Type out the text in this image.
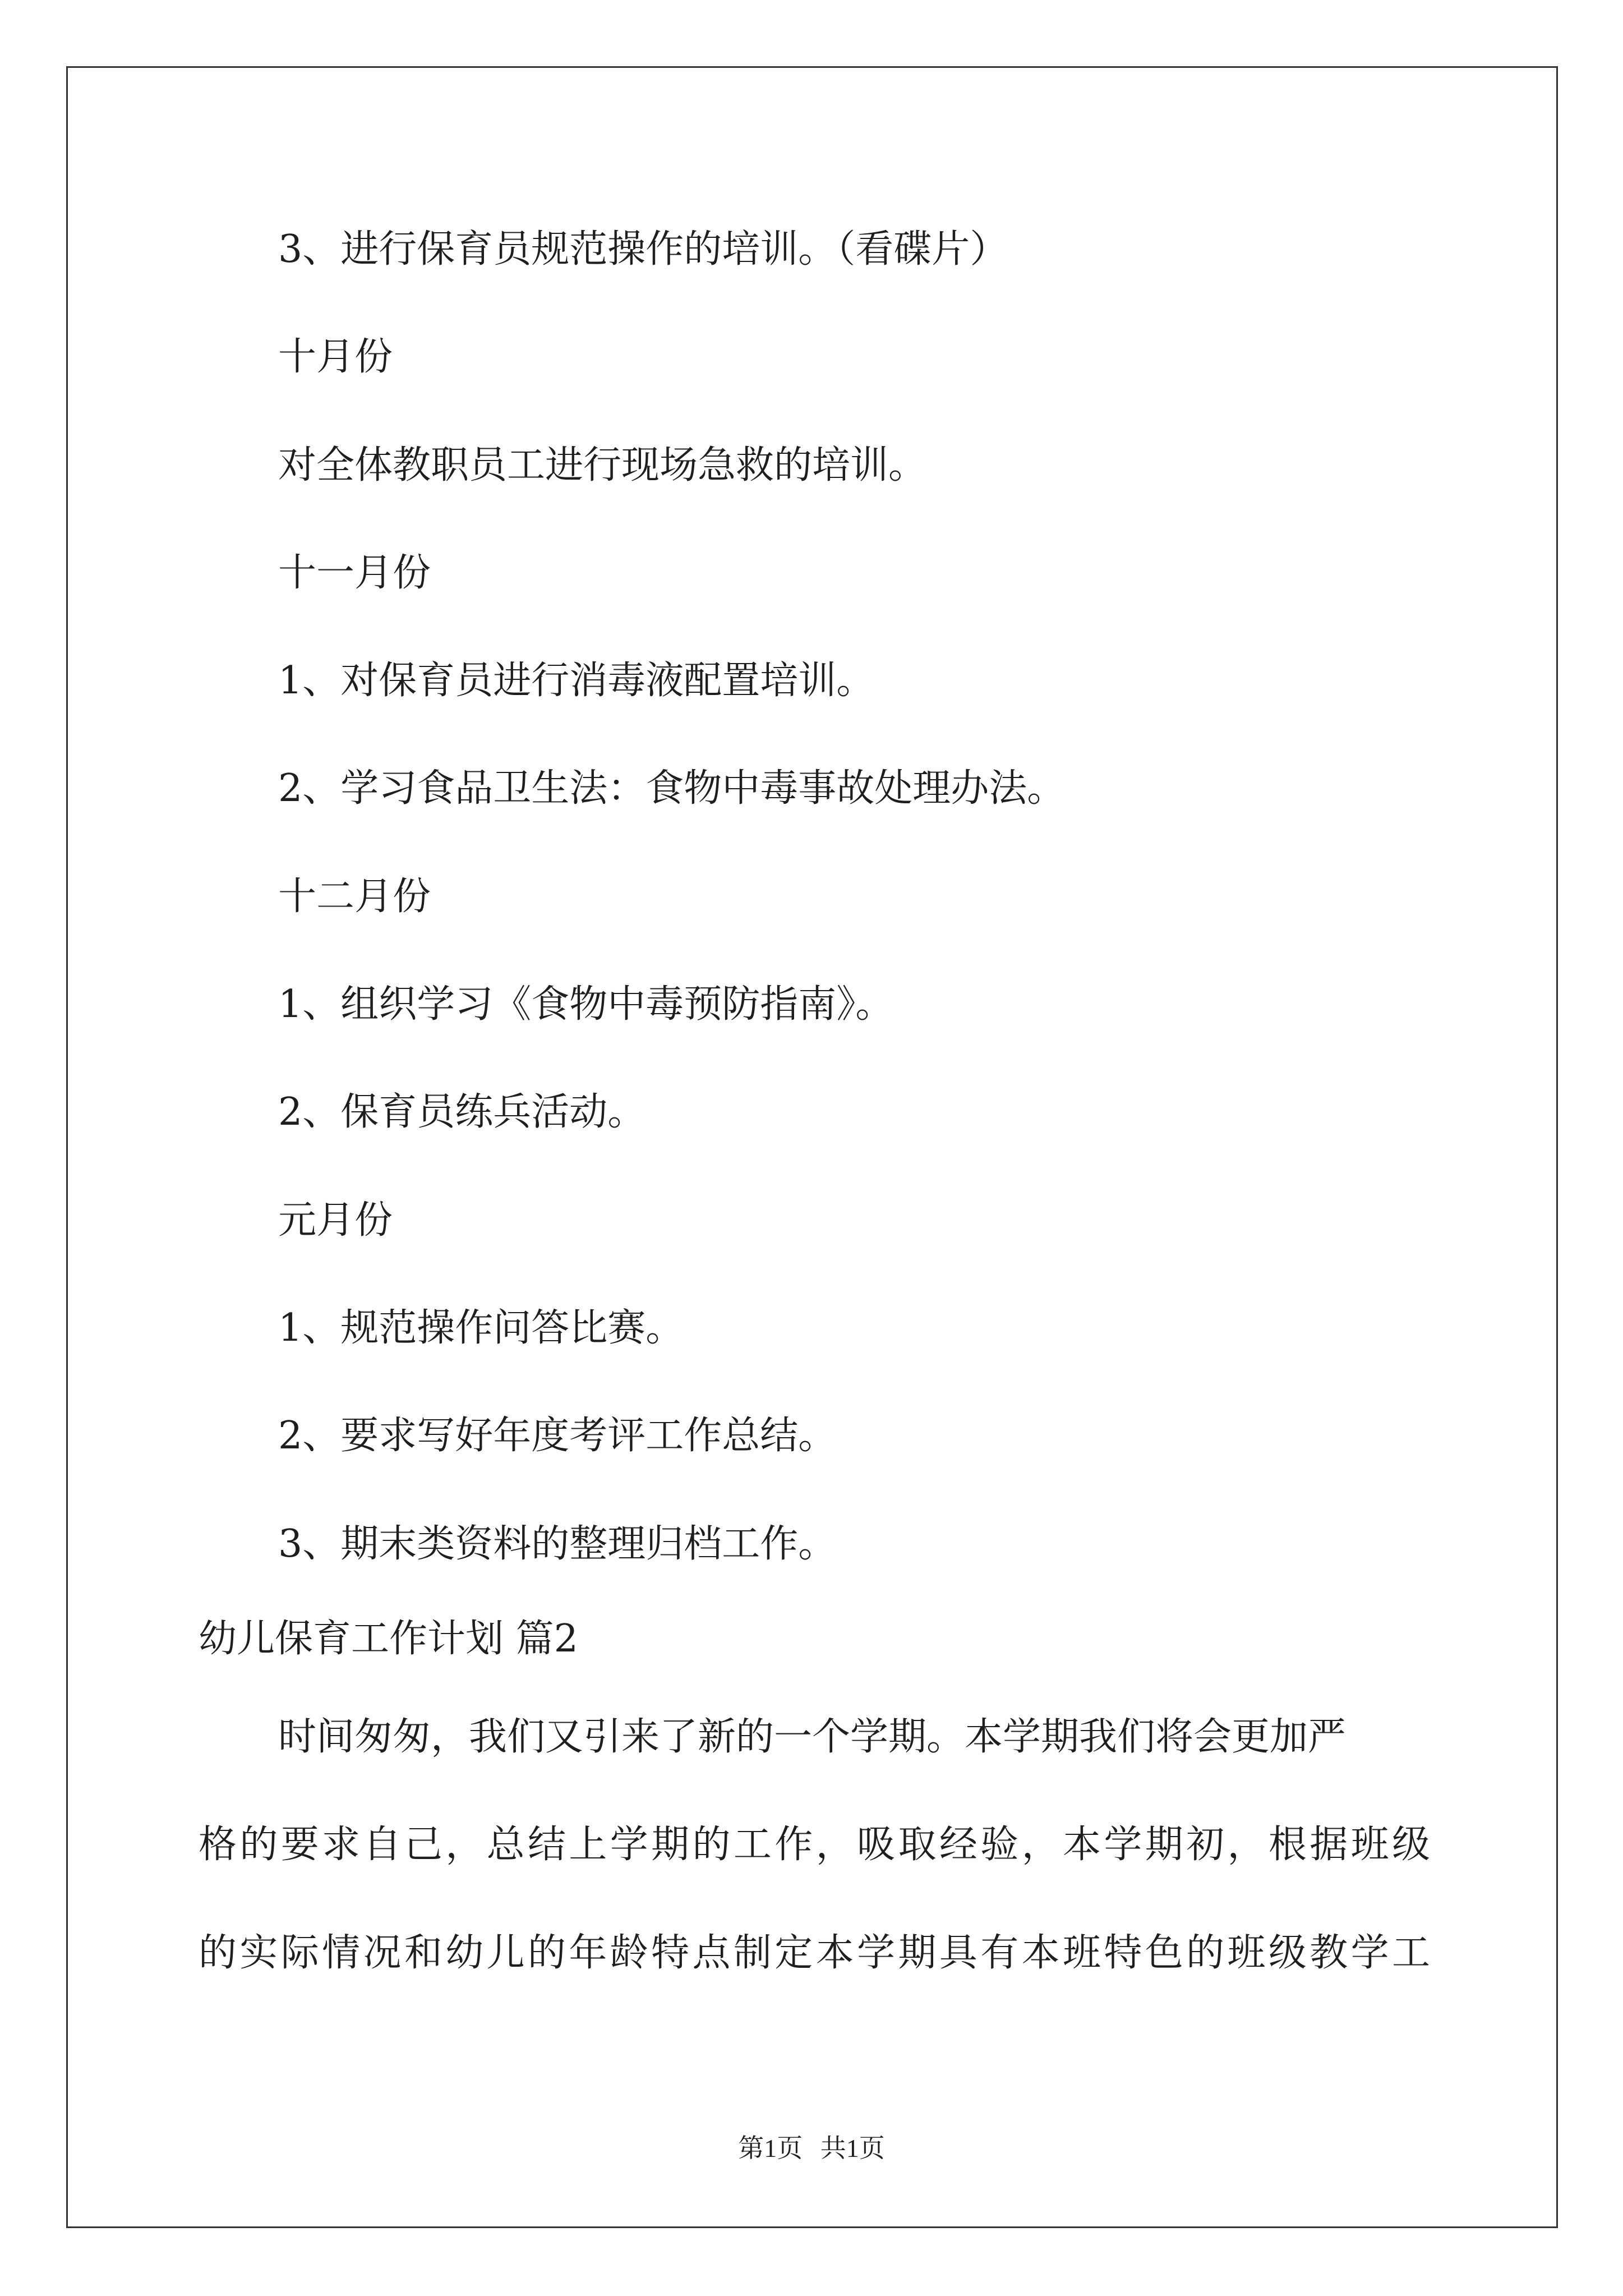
3、进行保育员规范操作的培训。（看碟片）

十月份

对全体教职员工进行现场急救的培训。

十一月份

1、对保育员进行消毒液配置培训。

2、学习食品卫生法：食物中毒事故处理办法。

十二月份

1、组织学习《食物中毒预防指南》。

2、保育员练兵活动。

元月份

1、规范操作问答比赛。

2、要求写好年度考评工作总结。

3、期末类资料的整理归档工作。

幼儿保育工作计划 篇2

时间匆匆，我们又引来了新的一个学期。本学期我们将会更加严

格的要求自己，总结上学期的工作，吸取经验，本学期初，根据班级

的实际情况和幼儿的年龄特点制定本学期具有本班特色的班级教学工

第1页 共1页
